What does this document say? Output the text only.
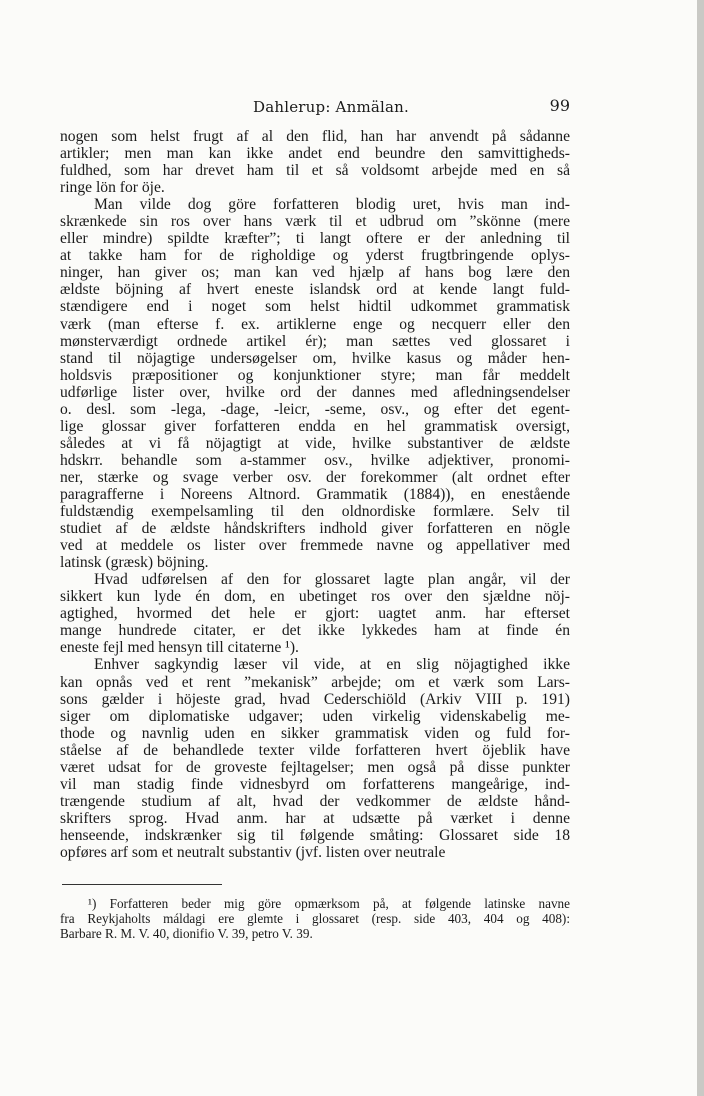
Dahlerup: Anmälan.	99
nogen som helst frugt af al den flid, han har anvendt på sådanne
artikler; men man kan ikke andet end beundre den samvittigheds-
fuldhed, som har drevet ham til et så voldsomt arbejde med en så
ringe lön for öje.
Man vilde dog göre forfatteren blodig uret, hvis man ind-
skrænkede sin ros over hans værk til et udbrud om ”skönne (mere
eller mindre) spildte kræfter”; ti langt oftere er der anledning til
at takke ham for de righoldige og yderst frugtbringende oplys-
ninger, han giver os; man kan ved hjælp af hans bog lære den
ældste böjning af hvert eneste islandsk ord at kende langt fuld-
stændigere end i noget som helst hidtil udkommet grammatisk
værk (man efterse f. ex. artiklerne enge og necquerr eller den
mønsterværdigt ordnede artikel ér); man sættes ved glossaret i
stand til nöjagtige undersøgelser om, hvilke kasus og måder hen-
holdsvis præpositioner og konjunktioner styre; man får meddelt
udførlige lister over, hvilke ord der dannes med afledningsendelser
o. desl. som -lega, -dage, -leicr, -seme, osv., og efter det egent-
lige glossar giver forfatteren endda en hel grammatisk oversigt,
således at vi få nöjagtigt at vide, hvilke substantiver de ældste
hdskrr. behandle som a-stammer osv., hvilke adjektiver, pronomi-
ner, stærke og svage verber osv. der forekommer (alt ordnet efter
paragrafferne i Noreens Altnord. Grammatik (1884)), en enestående
fuldstændig exempelsamling til den oldnordiske formlære. Selv til
studiet af de ældste håndskrifters indhold giver forfatteren en nögle
ved at meddele os lister over fremmede navne og appellativer med
latinsk (græsk) böjning.
Hvad udførelsen af den for glossaret lagte plan angår, vil der
sikkert kun lyde én dom, en ubetinget ros over den sjældne nöj-
agtighed, hvormed det hele er gjort: uagtet anm. har efterset
mange hundrede citater, er det ikke lykkedes ham at finde én
eneste fejl med hensyn till citaterne ¹).
Enhver sagkyndig læser vil vide, at en slig nöjagtighed ikke
kan opnås ved et rent ”mekanisk” arbejde; om et værk som Lars-
sons gælder i höjeste grad, hvad Cederschiöld (Arkiv VIII p. 191)
siger om diplomatiske udgaver; uden virkelig videnskabelig me-
thode og navnlig uden en sikker grammatisk viden og fuld for-
ståelse af de behandlede texter vilde forfatteren hvert öjeblik have
været udsat for de groveste fejltagelser; men også på disse punkter
vil man stadig finde vidnesbyrd om forfatterens mangeårige, ind-
trængende studium af alt, hvad der vedkommer de ældste hånd-
skrifters sprog. Hvad anm. har at udsætte på værket i denne
henseende, indskrænker sig til følgende småting: Glossaret side 18
opføres arf som et neutralt substantiv (jvf. listen over neutrale
¹) Forfatteren beder mig göre opmærksom på, at følgende latinske navne
fra Reykjaholts máldagi ere glemte i glossaret (resp. side 403, 404 og 408):
Barbare R. M. V. 40, dionifio V. 39, petro V. 39.
